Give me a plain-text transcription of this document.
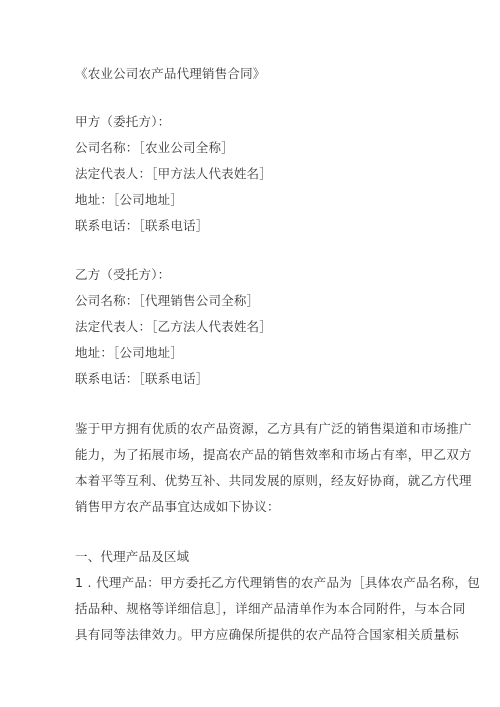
《农业公司农产品代理销售合同》
甲方（委托方）：
公司名称：［农业公司全称］
法定代表人：［甲方法人代表姓名］
地址：［公司地址］
联系电话：［联系电话］
乙方（受托方）：
公司名称：［代理销售公司全称］
法定代表人：［乙方法人代表姓名］
地址：［公司地址］
联系电话：［联系电话］
鉴于甲方拥有优质的农产品资源，乙方具有广泛的销售渠道和市场推广
能力，为了拓展市场，提高农产品的销售效率和市场占有率，甲乙双方
本着平等互利、优势互补、共同发展的原则，经友好协商，就乙方代理
销售甲方农产品事宜达成如下协议：
一、代理产品及区域
1 . 代理产品：甲方委托乙方代理销售的农产品为［具体农产品名称，包
括品种、规格等详细信息］，详细产品清单作为本合同附件，与本合同
具有同等法律效力。甲方应确保所提供的农产品符合国家相关质量标
